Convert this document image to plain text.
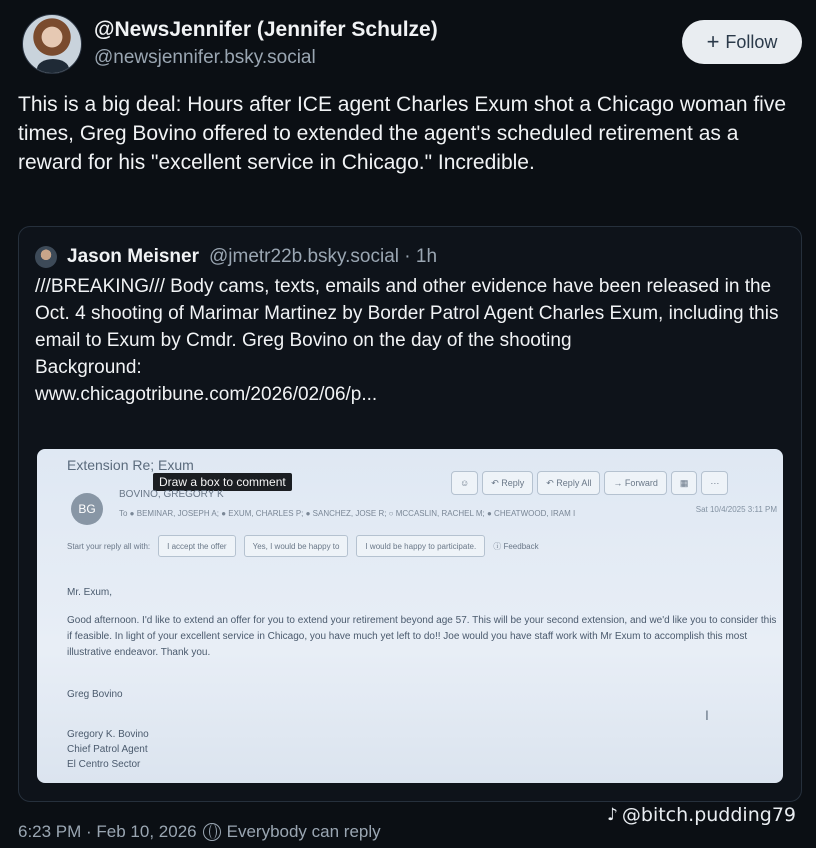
@NewsJennifer (Jennifer Schulze)
@newsjennifer.bsky.social
+ Follow
This is a big deal: Hours after ICE agent Charles Exum shot a Chicago woman five times, Greg Bovino offered to extended the agent's scheduled retirement as a reward for his "excellent service in Chicago." Incredible.
Jason Meisner @jmetr22b.bsky.social · 1h

///BREAKING/// Body cams, texts, emails and other evidence have been released in the Oct. 4 shooting of Marimar Martinez by Border Patrol Agent Charles Exum, including this email to Exum by Cmdr. Greg Bovino on the day of the shooting

Background:

www.chicagotribune.com/2026/02/06/p...

Extension Re; Exum
Draw a box to comment
BG
BOVINO, GREGORY K
To ● BEMINAR, JOSEPH A; ● EXUM, CHARLES P; ● SANCHEZ, JOSE R; ○ MCCASLIN, RACHEL M; ● CHEATWOOD, IRAM I
☺	↶ Reply	↶ Reply All	→ Forward	▦	···
Sat 10/4/2025 3:11 PM
Start your reply all with:	I accept the offer	Yes, I would be happy to	I would be happy to participate.	ⓘ Feedback
Mr. Exum,
Good afternoon. I'd like to extend an offer for you to extend your retirement beyond age 57. This will be your second extension, and we'd like you to consider this if feasible. In light of your excellent service in Chicago, you have much yet left to do!! Joe would you have staff work with Mr Exum to accomplish this most illustrative endeavor. Thank you.
Greg Bovino
Gregory K. Bovino
Chief Patrol Agent
El Centro Sector
I
6:23 PM · Feb 10, 2026 Everybody can reply
♪ @bitch.pudding79
